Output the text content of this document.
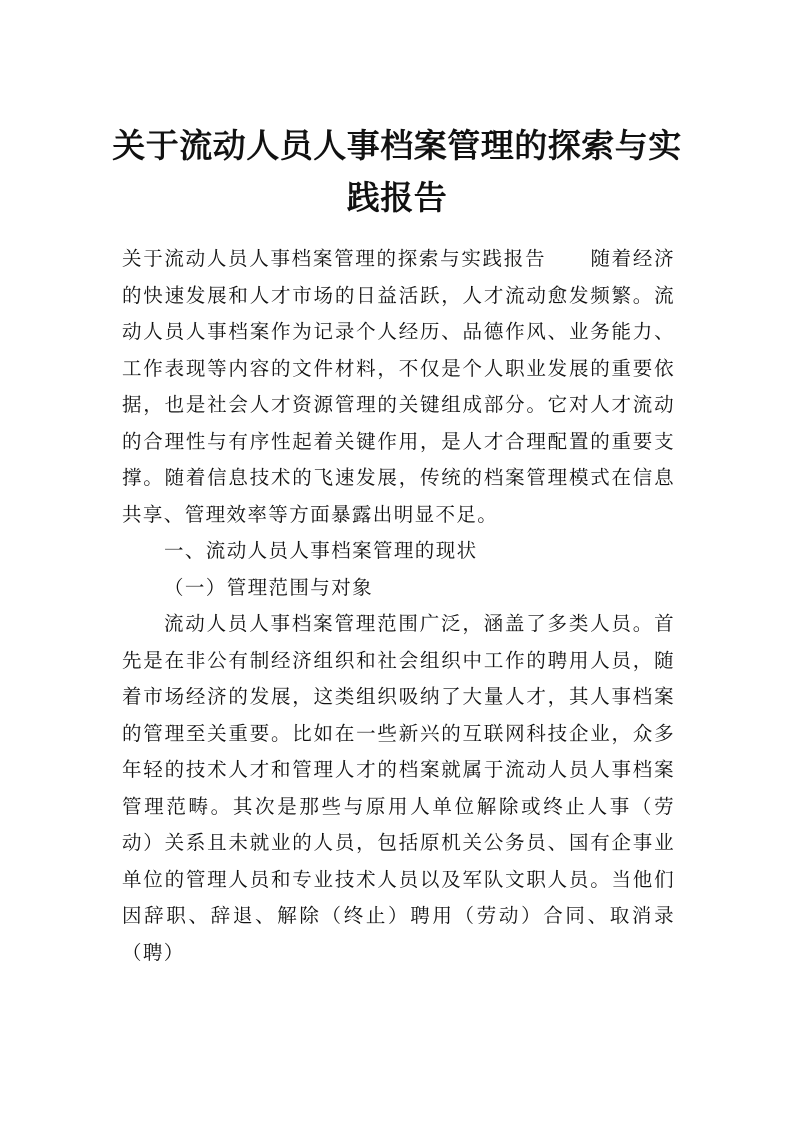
关于流动人员人事档案管理的探索与实践报告

关于流动人员人事档案管理的探索与实践报告 随着经济的快速发展和人才市场的日益活跃，人才流动愈发频繁。流动人员人事档案作为记录个人经历、品德作风、业务能力、工作表现等内容的文件材料，不仅是个人职业发展的重要依据，也是社会人才资源管理的关键组成部分。它对人才流动的合理性与有序性起着关键作用，是人才合理配置的重要支撑。随着信息技术的飞速发展，传统的档案管理模式在信息共享、管理效率等方面暴露出明显不足。

一、流动人员人事档案管理的现状

（一）管理范围与对象

流动人员人事档案管理范围广泛，涵盖了多类人员。首先是在非公有制经济组织和社会组织中工作的聘用人员，随着市场经济的发展，这类组织吸纳了大量人才，其人事档案的管理至关重要。比如在一些新兴的互联网科技企业，众多年轻的技术人才和管理人才的档案就属于流动人员人事档案管理范畴。其次是那些与原用人单位解除或终止人事（劳动）关系且未就业的人员，包括原机关公务员、国有企事业单位的管理人员和专业技术人员以及军队文职人员。当他们因辞职、辞退、解除（终止）聘用（劳动）合同、取消录（聘）
